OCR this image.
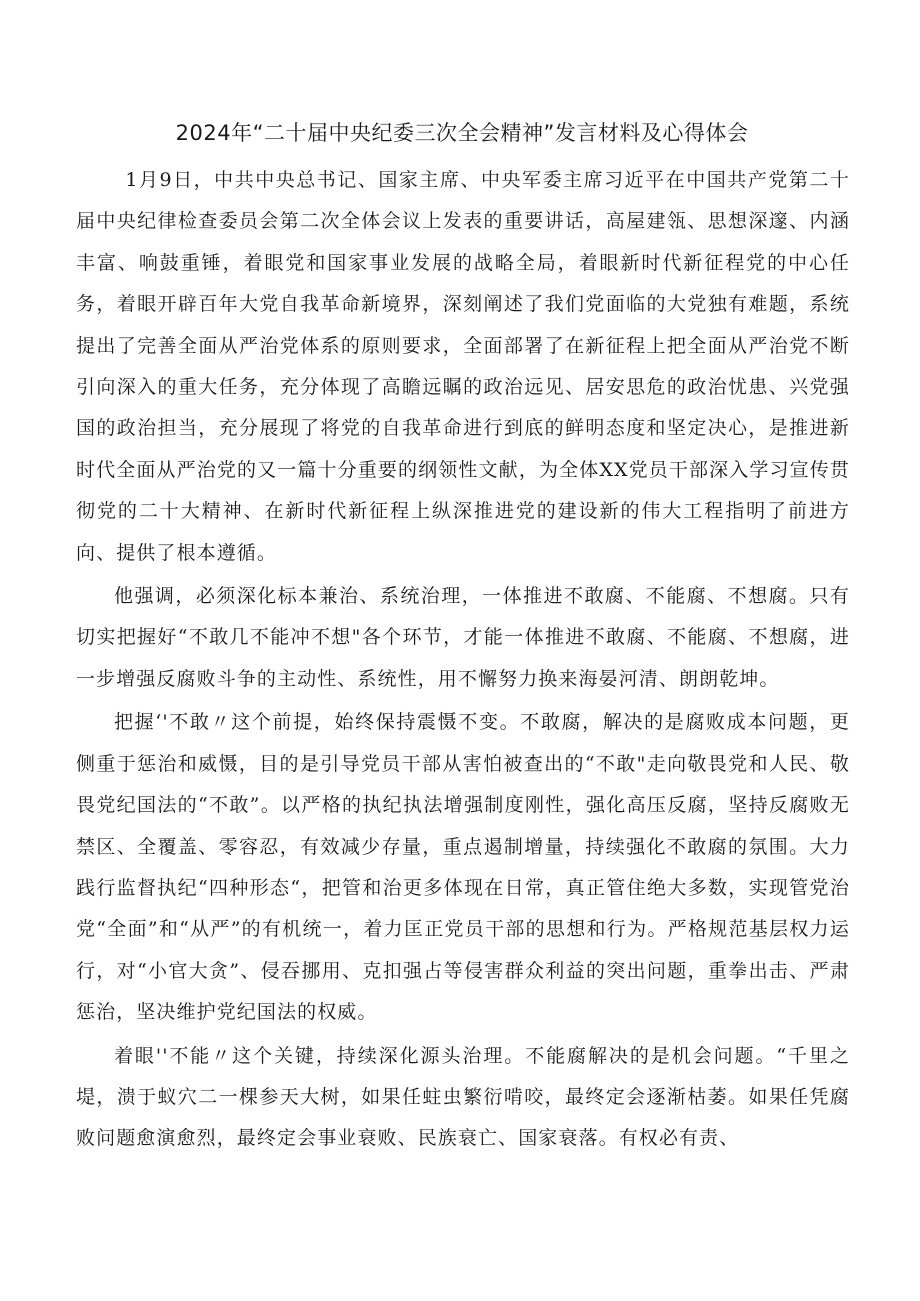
2024年“二十届中央纪委三次全会精神”发言材料及心得体会

1月9日，中共中央总书记、国家主席、中央军委主席习近平在中国共产党第二十届中央纪律检查委员会第二次全体会议上发表的重要讲话，高屋建瓴、思想深邃、内涵丰富、响鼓重锤，着眼党和国家事业发展的战略全局，着眼新时代新征程党的中心任务，着眼开辟百年大党自我革命新境界，深刻阐述了我们党面临的大党独有难题，系统提出了完善全面从严治党体系的原则要求，全面部署了在新征程上把全面从严治党不断引向深入的重大任务，充分体现了高瞻远瞩的政治远见、居安思危的政治忧患、兴党强国的政治担当，充分展现了将党的自我革命进行到底的鲜明态度和坚定决心，是推进新时代全面从严治党的又一篇十分重要的纲领性文献，为全体XX党员干部深入学习宣传贯彻党的二十大精神、在新时代新征程上纵深推进党的建设新的伟大工程指明了前进方向、提供了根本遵循。

他强调，必须深化标本兼治、系统治理，一体推进不敢腐、不能腐、不想腐。只有切实把握好“不敢几不能冲不想"各个环节，才能一体推进不敢腐、不能腐、不想腐，进一步增强反腐败斗争的主动性、系统性，用不懈努力换来海晏河清、朗朗乾坤。

把握‘'不敢〃这个前提，始终保持震慑不变。不敢腐，解决的是腐败成本问题，更侧重于惩治和威慑，目的是引导党员干部从害怕被查出的“不敢"走向敬畏党和人民、敬畏党纪国法的“不敢”。以严格的执纪执法增强制度刚性，强化高压反腐，坚持反腐败无禁区、全覆盖、零容忍，有效减少存量，重点遏制增量，持续强化不敢腐的氛围。大力践行监督执纪“四种形态“，把管和治更多体现在日常，真正管住绝大多数，实现管党治党“全面”和“从严”的有机统一，着力匡正党员干部的思想和行为。严格规范基层权力运行，对“小官大贪”、侵吞挪用、克扣强占等侵害群众利益的突出问题，重拳出击、严肃惩治，坚决维护党纪国法的权威。

着眼''不能〃这个关键，持续深化源头治理。不能腐解决的是机会问题。“千里之堤，溃于蚁穴二一棵参天大树，如果任蛀虫繁衍啃咬，最终定会逐渐枯萎。如果任凭腐败问题愈演愈烈，最终定会事业衰败、民族衰亡、国家衰落。有权必有责、
